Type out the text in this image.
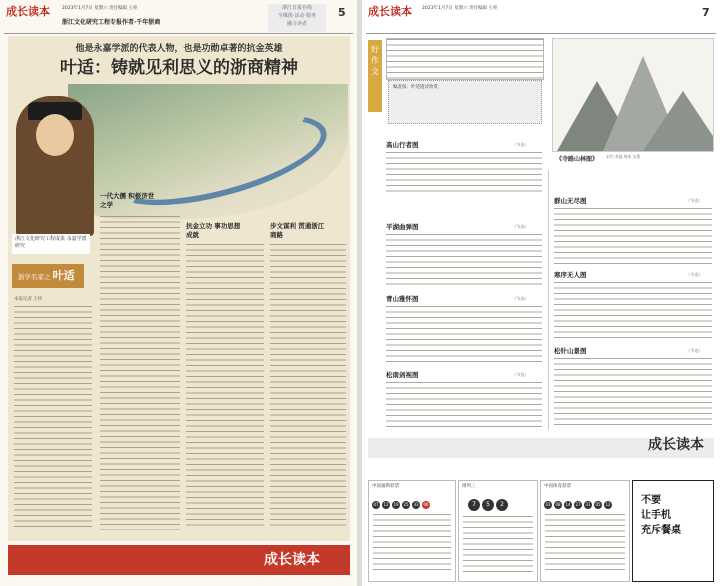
成长读本	2023年1月7日 星期六 责任编辑 王梓
浙江文化研究工程专报作者·千年浙商
浙江日报在线
全媒体·活动·服务
融合读者
5
他是永嘉学派的代表人物，也是功勋卓著的抗金英雄
叶适：铸就见利思义的浙商精神
浙江文化研究工程成果 永嘉学派研究
浙学名家之 叶适
本报记者 王梓
一代大儒 积极济世之学
抗金立功 事功思想成就
步文谋利 贯通浙江商路
成长读本
成长读本 2023年1月7日 星期六 责任编辑 王梓	7
好作文
编者按：叶适遗诗欣赏
《寺路山林图》 宋代 李嵩 绢本 水墨
高山行者图	（节选）
平湖曲弹图	（节选）
青山雅怀图	（节选）
松南剑视图	（节选）
群山无尽图	（节选）
寒序无人图	（节选）
松针山景图	（节选）
成长读本
中国福利彩票
07 12 19 25 33 06
排列三
7 5 2
中国体育彩票
03 08 14 27 31 05 12	不要
让手机
充斥餐桌
